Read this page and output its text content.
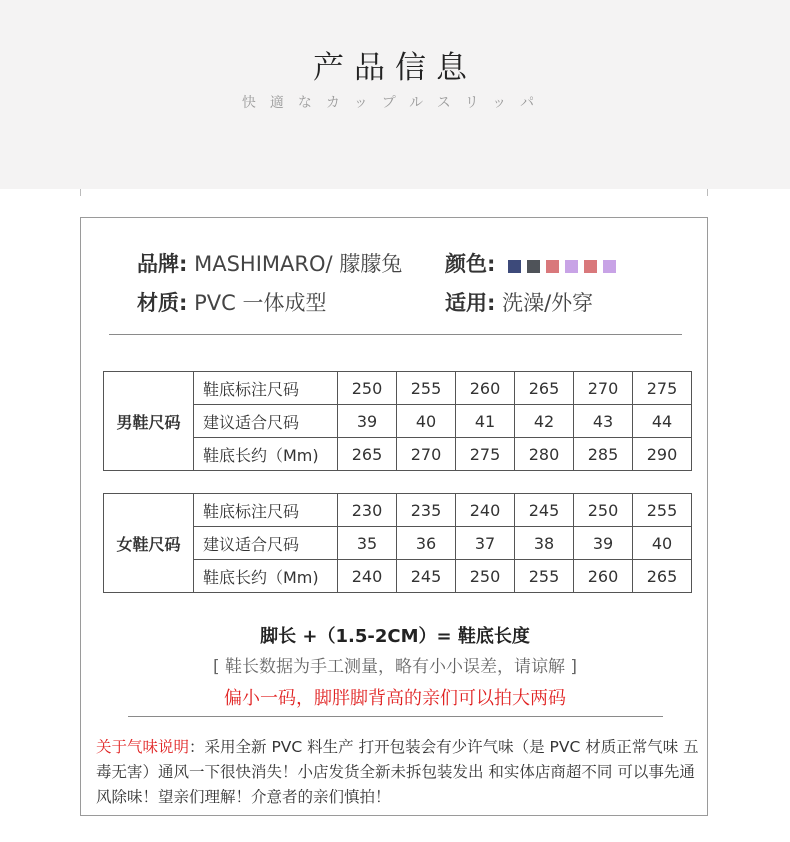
产品信息
快適なカップルスリッパ
品牌: MASHIMARO/ 朦朦兔 颜色:
材质: PVC 一体成型	适用: 洗澡/外穿
男鞋尺码	鞋底标注尺码	250	255	260	265	270	275
	建议适合尺码	39	40	41	42	43	44
	鞋底长约（Mm)	265	270	275	280	285	290
女鞋尺码	鞋底标注尺码	230	235	240	245	250	255
	建议适合尺码	35	36	37	38	39	40
	鞋底长约（Mm)	240	245	250	255	260	265
脚长 +（1.5-2CM）= 鞋底长度
[ 鞋长数据为手工测量，略有小小误差，请谅解 ]
偏小一码，脚胖脚背高的亲们可以拍大两码
关于气味说明：采用全新 PVC 料生产 打开包装会有少许气味（是 PVC 材质正常气味 五毒无害）通风一下很快消失！小店发货全新未拆包装发出 和实体店商超不同 可以事先通风除味！望亲们理解！介意者的亲们慎拍！
